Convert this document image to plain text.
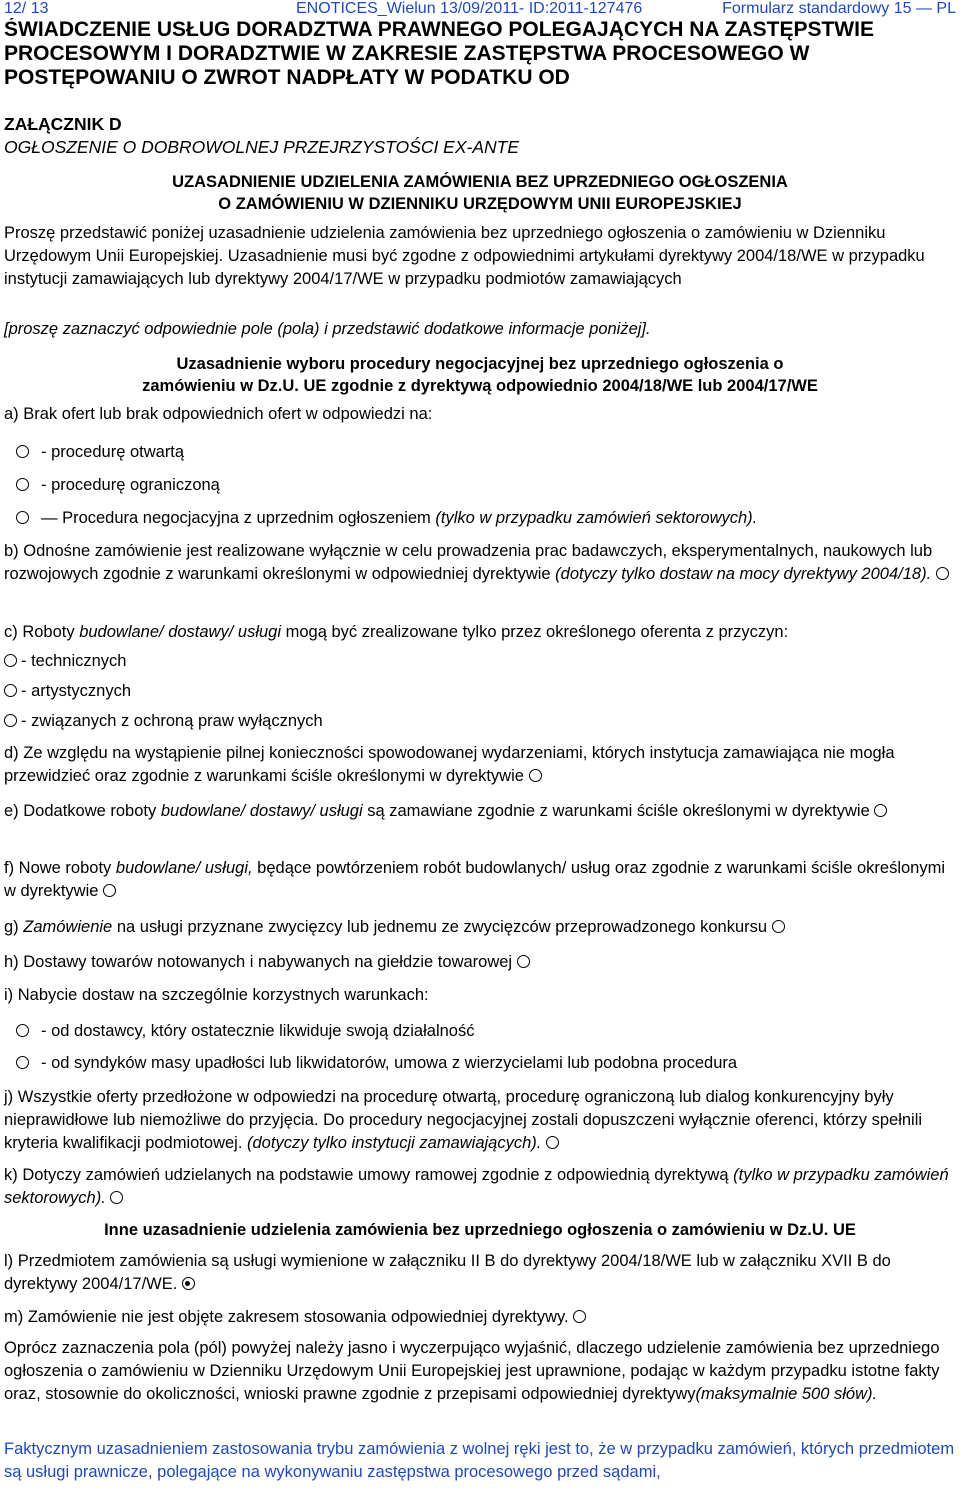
12/ 13	ENOTICES_Wielun 13/09/2011- ID:2011-127476	Formularz standardowy 15 — PL
ŚWIADCZENIE USŁUG DORADZTWA PRAWNEGO POLEGAJĄCYCH NA ZASTĘPSTWIE PROCESOWYM I DORADZTWIE W ZAKRESIE ZASTĘPSTWA PROCESOWEGO W POSTĘPOWANIU O ZWROT NADPŁATY W PODATKU OD
ZAŁĄCZNIK D
OGŁOSZENIE O DOBROWOLNEJ PRZEJRZYSTOŚCI EX-ANTE
UZASADNIENIE UDZIELENIA ZAMÓWIENIA BEZ UPRZEDNIEGO OGŁOSZENIA
O ZAMÓWIENIU W DZIENNIKU URZĘDOWYM UNII EUROPEJSKIEJ
Proszę przedstawić poniżej uzasadnienie udzielenia zamówienia bez uprzedniego ogłoszenia o zamówieniu w Dzienniku Urzędowym Unii Europejskiej. Uzasadnienie musi być zgodne z odpowiednimi artykułami dyrektywy 2004/18/WE w przypadku instytucji zamawiających lub dyrektywy 2004/17/WE w przypadku podmiotów zamawiających
[proszę zaznaczyć odpowiednie pole (pola) i przedstawić dodatkowe informacje poniżej].
Uzasadnienie wyboru procedury negocjacyjnej bez uprzedniego ogłoszenia o
zamówieniu w Dz.U. UE zgodnie z dyrektywą odpowiednio 2004/18/WE lub 2004/17/WE
a) Brak ofert lub brak odpowiednich ofert w odpowiedzi na:
- procedurę otwartą
- procedurę ograniczoną
— Procedura negocjacyjna z uprzednim ogłoszeniem (tylko w przypadku zamówień sektorowych).
b) Odnośne zamówienie jest realizowane wyłącznie w celu prowadzenia prac badawczych, eksperymentalnych, naukowych lub rozwojowych zgodnie z warunkami określonymi w odpowiedniej dyrektywie (dotyczy tylko dostaw na mocy dyrektywy 2004/18).
c) Roboty budowlane/ dostawy/ usługi mogą być zrealizowane tylko przez określonego oferenta z przyczyn:
- technicznych
- artystycznych
- związanych z ochroną praw wyłącznych
d) Ze względu na wystąpienie pilnej konieczności spowodowanej wydarzeniami, których instytucja zamawiająca nie mogła przewidzieć oraz zgodnie z warunkami ściśle określonymi w dyrektywie
e) Dodatkowe roboty budowlane/ dostawy/ usługi są zamawiane zgodnie z warunkami ściśle określonymi w dyrektywie
f) Nowe roboty budowlane/ usługi, będące powtórzeniem robót budowlanych/ usług oraz zgodnie z warunkami ściśle określonymi w dyrektywie
g) Zamówienie na usługi przyznane zwycięzcy lub jednemu ze zwycięzców przeprowadzonego konkursu
h) Dostawy towarów notowanych i nabywanych na giełdzie towarowej
i) Nabycie dostaw na szczególnie korzystnych warunkach:
- od dostawcy, który ostatecznie likwiduje swoją działalność
- od syndyków masy upadłości lub likwidatorów, umowa z wierzycielami lub podobna procedura
j) Wszystkie oferty przedłożone w odpowiedzi na procedurę otwartą, procedurę ograniczoną lub dialog konkurencyjny były nieprawidłowe lub niemożliwe do przyjęcia. Do procedury negocjacyjnej zostali dopuszczeni wyłącznie oferenci, którzy spełnili kryteria kwalifikacji podmiotowej. (dotyczy tylko instytucji zamawiających).
k) Dotyczy zamówień udzielanych na podstawie umowy ramowej zgodnie z odpowiednią dyrektywą (tylko w przypadku zamówień sektorowych).
Inne uzasadnienie udzielenia zamówienia bez uprzedniego ogłoszenia o zamówieniu w Dz.U. UE
l) Przedmiotem zamówienia są usługi wymienione w załączniku II B do dyrektywy 2004/18/WE lub w załączniku XVII B do dyrektywy 2004/17/WE.
m) Zamówienie nie jest objęte zakresem stosowania odpowiedniej dyrektywy.
Oprócz zaznaczenia pola (pól) powyżej należy jasno i wyczerpująco wyjaśnić, dlaczego udzielenie zamówienia bez uprzedniego ogłoszenia o zamówieniu w Dzienniku Urzędowym Unii Europejskiej jest uprawnione, podając w każdym przypadku istotne fakty oraz, stosownie do okoliczności, wnioski prawne zgodnie z przepisami odpowiedniej dyrektywy(maksymalnie 500 słów).
Faktycznym uzasadnieniem zastosowania trybu zamówienia z wolnej ręki jest to, że w przypadku zamówień, których przedmiotem są usługi prawnicze, polegające na wykonywaniu zastępstwa procesowego przed sądami,
